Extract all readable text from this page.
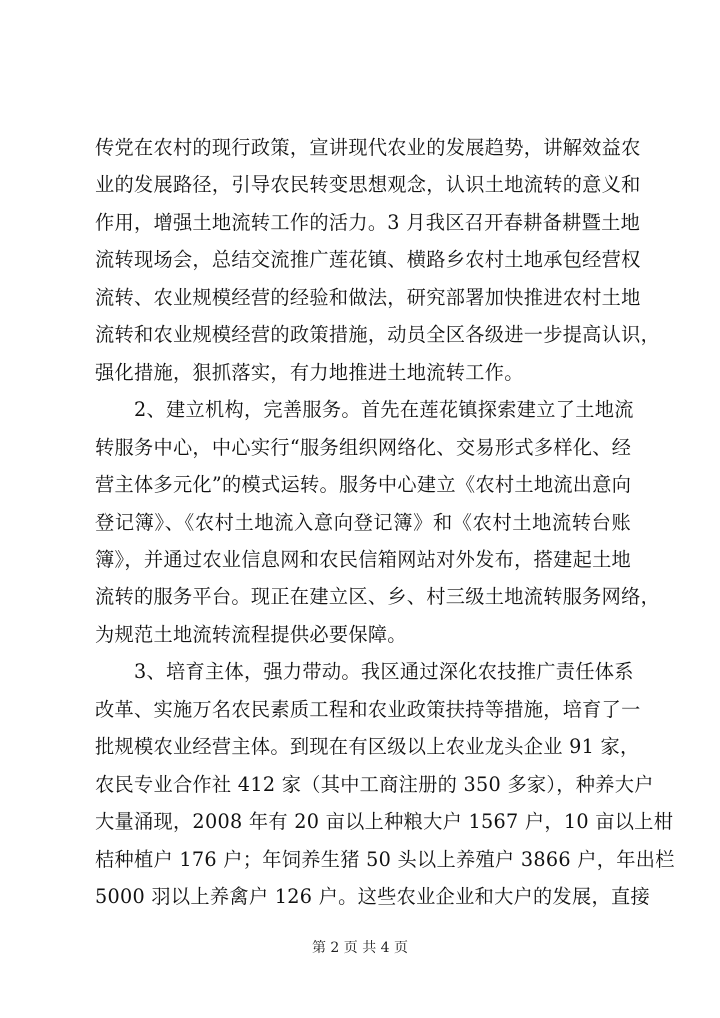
传党在农村的现行政策，宣讲现代农业的发展趋势，讲解效益农
业的发展路径，引导农民转变思想观念，认识土地流转的意义和
作用，增强土地流转工作的活力。3 月我区召开春耕备耕暨土地
流转现场会，总结交流推广莲花镇、横路乡农村土地承包经营权
流转、农业规模经营的经验和做法，研究部署加快推进农村土地
流转和农业规模经营的政策措施，动员全区各级进一步提高认识，
强化措施，狠抓落实，有力地推进土地流转工作。
2、建立机构，完善服务。首先在莲花镇探索建立了土地流
转服务中心，中心实行“服务组织网络化、交易形式多样化、经
营主体多元化”的模式运转。服务中心建立《农村土地流出意向
登记簿》、《农村土地流入意向登记簿》和《农村土地流转台账
簿》，并通过农业信息网和农民信箱网站对外发布，搭建起土地
流转的服务平台。现正在建立区、乡、村三级土地流转服务网络，
为规范土地流转流程提供必要保障。
3、培育主体，强力带动。我区通过深化农技推广责任体系
改革、实施万名农民素质工程和农业政策扶持等措施，培育了一
批规模农业经营主体。到现在有区级以上农业龙头企业 91 家，
农民专业合作社 412 家（其中工商注册的 350 多家），种养大户
大量涌现，2008 年有 20 亩以上种粮大户 1567 户，10 亩以上柑
桔种植户 176 户；年饲养生猪 50 头以上养殖户 3866 户，年出栏
5000 羽以上养禽户 126 户。这些农业企业和大户的发展，直接
第 2 页 共 4 页
